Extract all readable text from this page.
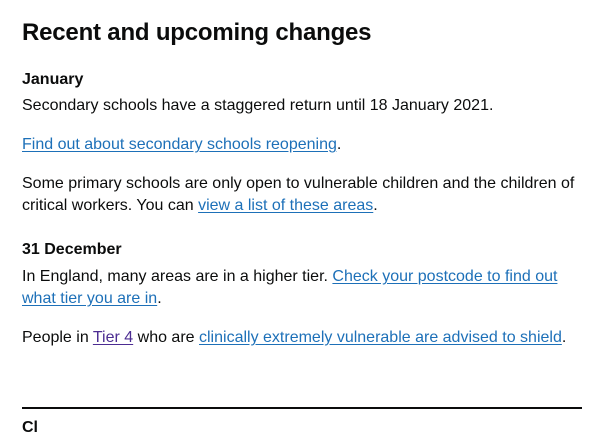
Recent and upcoming changes
January

Secondary schools have a staggered return until 18 January 2021.

Find out about secondary schools reopening.

Some primary schools are only open to vulnerable children and the children of critical workers. You can view a list of these areas.

31 December

In England, many areas are in a higher tier. Check your postcode to find out what tier you are in.

People in Tier 4 who are clinically extremely vulnerable are advised to shield.

Cl
